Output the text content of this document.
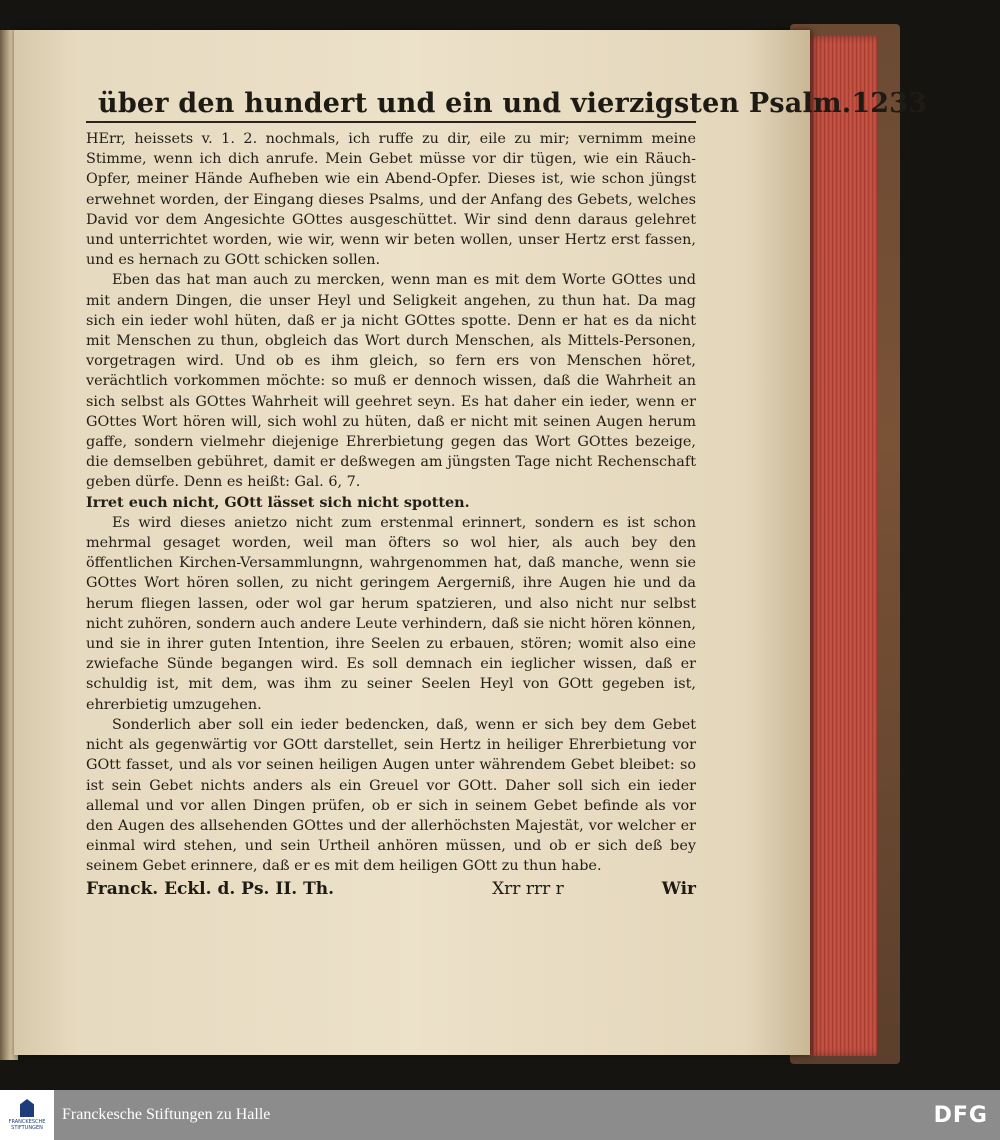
über den hundert und ein und vierzigsten Psalm. 1233

HErr, heissets v. 1. 2. nochmals, ich ruffe zu dir, eile zu mir; vernimm meine Stimme, wenn ich dich anrufe. Mein Gebet müsse vor dir tügen, wie ein Räuch-Opfer, meiner Hände Aufheben wie ein Abend-Opfer. Dieses ist, wie schon jüngst erwehnet worden, der Eingang dieses Psalms, und der Anfang des Gebets, welches David vor dem Angesichte GOttes ausgeschüttet. Wir sind denn daraus gelehret und unterrichtet worden, wie wir, wenn wir beten wollen, unser Hertz erst fassen, und es hernach zu GOtt schicken sollen.

Eben das hat man auch zu mercken, wenn man es mit dem Worte GOttes und mit andern Dingen, die unser Heyl und Seligkeit angehen, zu thun hat. Da mag sich ein ieder wohl hüten, daß er ja nicht GOttes spotte. Denn er hat es da nicht mit Menschen zu thun, obgleich das Wort durch Menschen, als Mittels-Personen, vorgetragen wird. Und ob es ihm gleich, so fern ers von Menschen höret, verächtlich vorkommen möchte: so muß er dennoch wissen, daß die Wahrheit an sich selbst als GOttes Wahrheit will geehret seyn. Es hat daher ein ieder, wenn er GOttes Wort hören will, sich wohl zu hüten, daß er nicht mit seinen Augen herum gaffe, sondern vielmehr diejenige Ehrerbietung gegen das Wort GOttes bezeige, die demselben gebühret, damit er deßwegen am jüngsten Tage nicht Rechenschaft geben dürfe. Denn es heißt: Gal. 6, 7.

Irret euch nicht, GOtt lässet sich nicht spotten.

Es wird dieses anietzo nicht zum erstenmal erinnert, sondern es ist schon mehrmal gesaget worden, weil man öfters so wol hier, als auch bey den öffentlichen Kirchen-Versammlungnn, wahrgenommen hat, daß manche, wenn sie GOttes Wort hören sollen, zu nicht geringem Aergerniß, ihre Augen hie und da herum fliegen lassen, oder wol gar herum spatzieren, und also nicht nur selbst nicht zuhören, sondern auch andere Leute verhindern, daß sie nicht hören können, und sie in ihrer guten Intention, ihre Seelen zu erbauen, stören; womit also eine zwiefache Sünde begangen wird. Es soll demnach ein ieglicher wissen, daß er schuldig ist, mit dem, was ihm zu seiner Seelen Heyl von GOtt gegeben ist, ehrerbietig umzugehen.

Sonderlich aber soll ein ieder bedencken, daß, wenn er sich bey dem Gebet nicht als gegenwärtig vor GOtt darstellet, sein Hertz in heiliger Ehrerbietung vor GOtt fasset, und als vor seinen heiligen Augen unter währendem Gebet bleibet: so ist sein Gebet nichts anders als ein Greuel vor GOtt. Daher soll sich ein ieder allemal und vor allen Dingen prüfen, ob er sich in seinem Gebet befinde als vor den Augen des allsehenden GOttes und der allerhöchsten Majestät, vor welcher er einmal wird stehen, und sein Urtheil anhören müssen, und ob er sich deß bey seinem Gebet erinnere, daß er es mit dem heiligen GOtt zu thun habe.

Franck. Eckl. d. Ps. II. Th.	Xrr rrr r	Wir
FRANCKESCHE STIFTUNGEN
Franckesche Stiftungen zu Halle	DFG
